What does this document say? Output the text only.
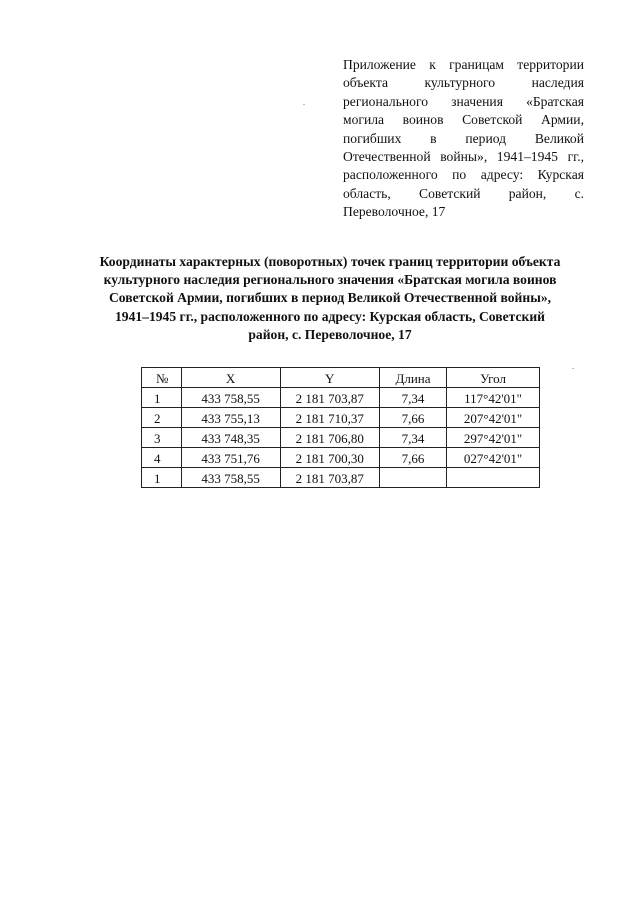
Приложение к границам территории объекта культурного наследия регионального значения «Братская могила воинов Советской Армии, погибших в период Великой Отечественной войны», 1941–1945 гг., расположенного по адресу: Курская область, Советский район, с. Переволочное, 17
Координаты характерных (поворотных) точек границ территории объекта культурного наследия регионального значения «Братская могила воинов Советской Армии, погибших в период Великой Отечественной войны», 1941–1945 гг., расположенного по адресу: Курская область, Советский район, с. Переволочное, 17
№	X	Y	Длина	Угол
1	433 758,55	2 181 703,87	7,34	117°42'01"
2	433 755,13	2 181 710,37	7,66	207°42'01"
3	433 748,35	2 181 706,80	7,34	297°42'01"
4	433 751,76	2 181 700,30	7,66	027°42'01"
1	433 758,55	2 181 703,87		
